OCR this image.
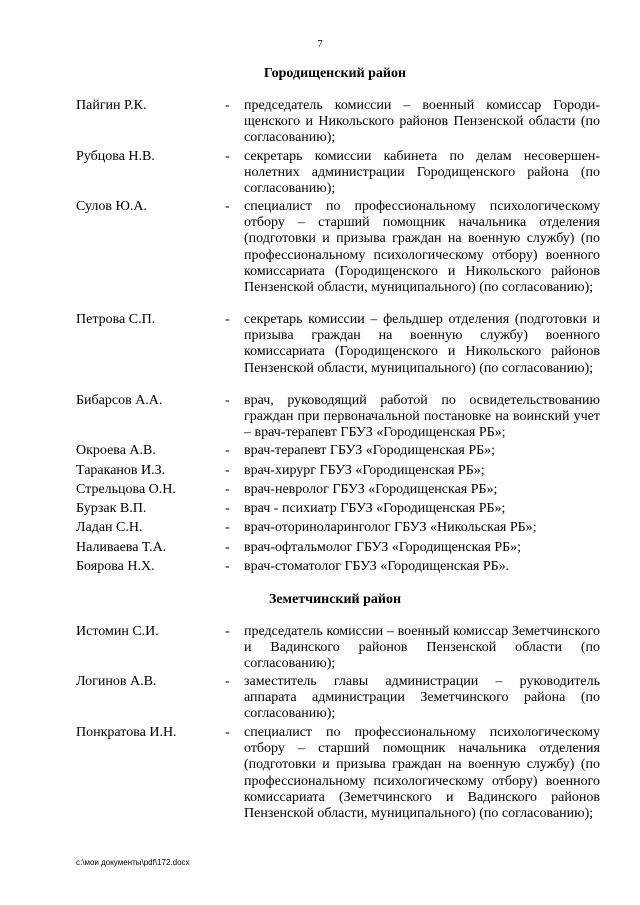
7
Городищенский район
Пайгин Р.К.	- председатель комиссии – военный комиссар Городищенского и Никольского районов Пензенской области (по согласованию);
Рубцова Н.В.	- секретарь комиссии кабинета по делам несовершеннолетних администрации Городищенского района (по согласованию);
Сулов Ю.А.	- специалист по профессиональному психологическому отбору – старший помощник начальника отделения (подготовки и призыва граждан на военную службу) (по профессиональному психологическому отбору) военного комиссариата (Городищенского и Никольского районов Пензенской области, муниципального) (по согласованию);
Петрова С.П.	- секретарь комиссии – фельдшер отделения (подготовки и призыва граждан на военную службу) военного комиссариата (Городищенского и Никольского районов Пензенской области, муниципального) (по согласованию);
Бибарсов А.А.	- врач, руководящий работой по освидетельствованию граждан при первоначальной постановке на воинский учет – врач-терапевт ГБУЗ «Городищенская РБ»;
Окроева А.В.	- врач-терапевт ГБУЗ «Городищенская РБ»;
Тараканов И.З.	- врач-хирург ГБУЗ «Городищенская РБ»;
Стрельцова О.Н.	- врач-невролог ГБУЗ «Городищенская РБ»;
Бурзак В.П.	- врач - психиатр ГБУЗ «Городищенская РБ»;
Ладан С.Н.	- врач-оториноларинголог ГБУЗ «Никольская РБ»;
Наливаева Т.А.	- врач-офтальмолог ГБУЗ «Городищенская РБ»;
Боярова Н.Х.	- врач-стоматолог ГБУЗ «Городищенская РБ».
Земетчинский район
Истомин С.И.	- председатель комиссии – военный комиссар Земетчинского и Вадинского районов Пензенской области (по согласованию);
Логинов А.В.	- заместитель главы администрации – руководитель аппарата администрации Земетчинского района (по согласованию);
Понкратова И.Н.	- специалист по профессиональному психологическому отбору – старший помощник начальника отделения (подготовки и призыва граждан на военную службу) (по профессиональному психологическому отбору) военного комиссариата (Земетчинского и Вадинского районов Пензенской области, муниципального) (по согласованию);
c:\мои документы\pdf\172.docx
